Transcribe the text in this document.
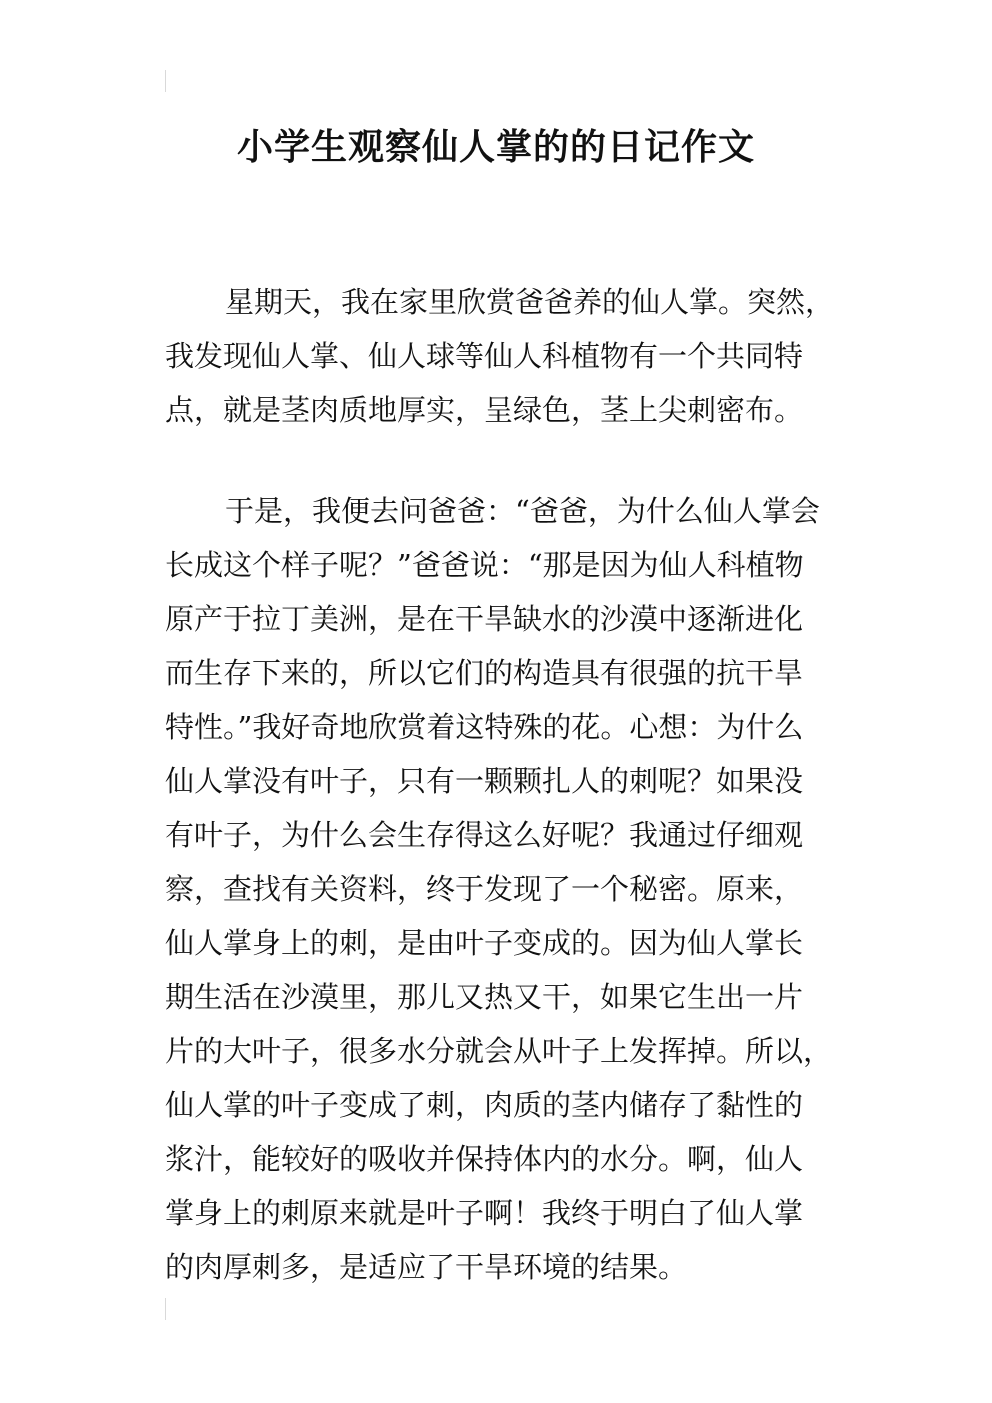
小学生观察仙人掌的的日记作文
星期天，我在家里欣赏爸爸养的仙人掌。突然，
我发现仙人掌、仙人球等仙人科植物有一个共同特
点，就是茎肉质地厚实，呈绿色，茎上尖刺密布。
于是，我便去问爸爸：“爸爸，为什么仙人掌会
长成这个样子呢？”爸爸说：“那是因为仙人科植物
原产于拉丁美洲，是在干旱缺水的沙漠中逐渐进化
而生存下来的，所以它们的构造具有很强的抗干旱
特性。”我好奇地欣赏着这特殊的花。心想：为什么
仙人掌没有叶子，只有一颗颗扎人的刺呢？如果没
有叶子，为什么会生存得这么好呢？我通过仔细观
察，查找有关资料，终于发现了一个秘密。原来，
仙人掌身上的刺，是由叶子变成的。因为仙人掌长
期生活在沙漠里，那儿又热又干，如果它生出一片
片的大叶子，很多水分就会从叶子上发挥掉。所以，
仙人掌的叶子变成了刺，肉质的茎内储存了黏性的
浆汁，能较好的吸收并保持体内的水分。啊，仙人
掌身上的刺原来就是叶子啊！我终于明白了仙人掌
的肉厚刺多，是适应了干旱环境的结果。
